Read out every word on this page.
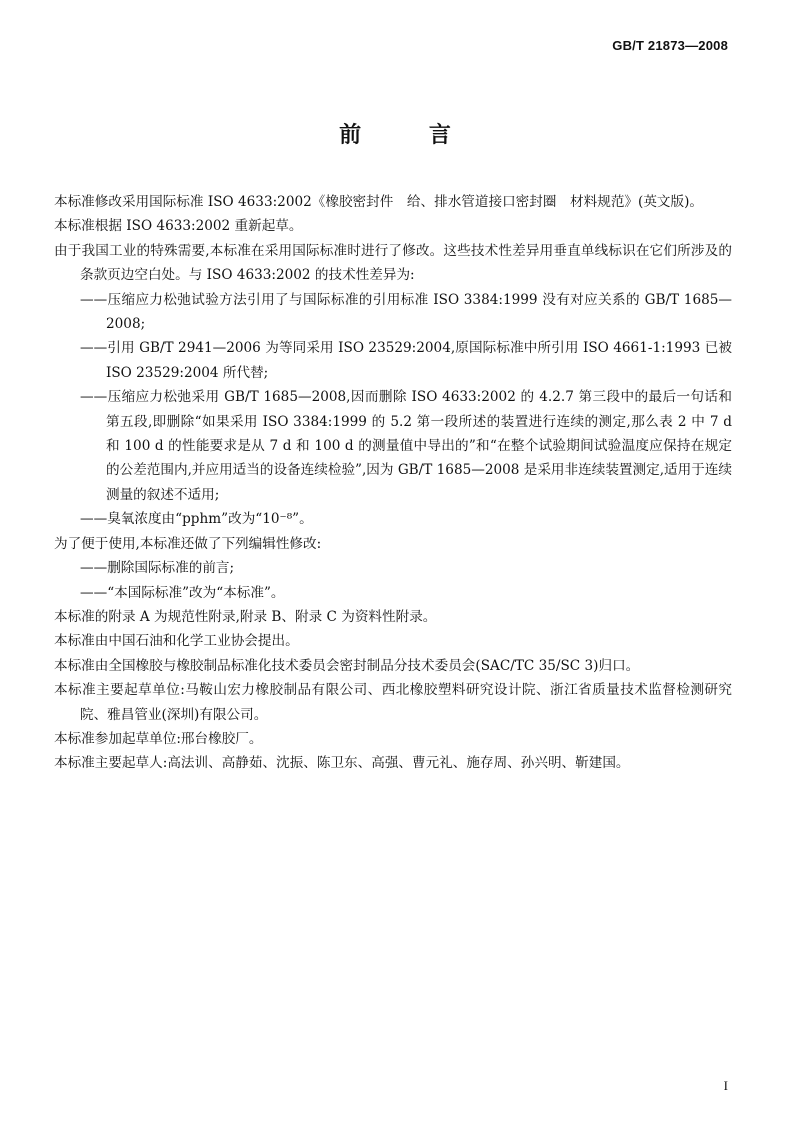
GB/T 21873—2008
前 言

本标准修改采用国际标准 ISO 4633:2002《橡胶密封件　给、排水管道接口密封圈　材料规范》(英文版)。

本标准根据 ISO 4633:2002 重新起草。

由于我国工业的特殊需要,本标准在采用国际标准时进行了修改。这些技术性差异用垂直单线标识在它们所涉及的条款页边空白处。与 ISO 4633:2002 的技术性差异为:

——压缩应力松弛试验方法引用了与国际标准的引用标准 ISO 3384:1999 没有对应关系的 GB/T 1685—2008;

——引用 GB/T 2941—2006 为等同采用 ISO 23529:2004,原国际标准中所引用 ISO 4661-1:1993 已被 ISO 23529:2004 所代替;

——压缩应力松弛采用 GB/T 1685—2008,因而删除 ISO 4633:2002 的 4.2.7 第三段中的最后一句话和第五段,即删除“如果采用 ISO 3384:1999 的 5.2 第一段所述的装置进行连续的测定,那么表 2 中 7 d 和 100 d 的性能要求是从 7 d 和 100 d 的测量值中导出的”和“在整个试验期间试验温度应保持在规定的公差范围内,并应用适当的设备连续检验”,因为 GB/T 1685—2008 是采用非连续装置测定,适用于连续测量的叙述不适用;

——臭氧浓度由“pphm”改为“10⁻⁸”。

为了便于使用,本标准还做了下列编辑性修改:

——删除国际标准的前言;

——“本国际标准”改为“本标准”。

本标准的附录 A 为规范性附录,附录 B、附录 C 为资料性附录。

本标准由中国石油和化学工业协会提出。

本标准由全国橡胶与橡胶制品标准化技术委员会密封制品分技术委员会(SAC/TC 35/SC 3)归口。

本标准主要起草单位:马鞍山宏力橡胶制品有限公司、西北橡胶塑料研究设计院、浙江省质量技术监督检测研究院、雅昌管业(深圳)有限公司。

本标准参加起草单位:邢台橡胶厂。

本标准主要起草人:高法训、高静茹、沈振、陈卫东、高强、曹元礼、施存周、孙兴明、靳建国。

I
